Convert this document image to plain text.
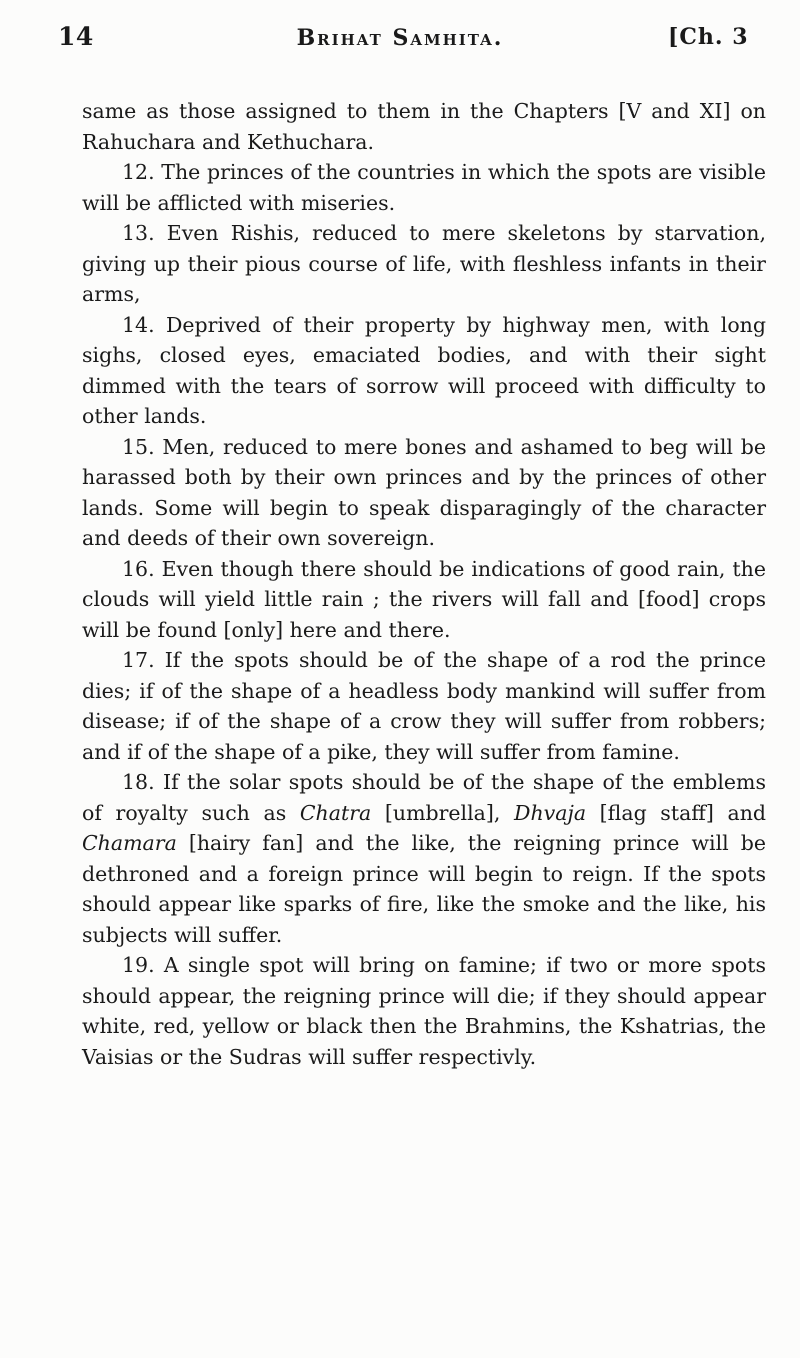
14	Brihat Samhita.	[Ch. 3

same as those assigned to them in the Chapters [V and XI] on Rahuchara and Kethuchara.

12. The princes of the countries in which the spots are visible will be afflicted with miseries.

13. Even Rishis, reduced to mere skeletons by starvation, giving up their pious course of life, with fleshless infants in their arms,

14. Deprived of their property by highway men, with long sighs, closed eyes, emaciated bodies, and with their sight dimmed with the tears of sorrow will proceed with difficulty to other lands.

15. Men, reduced to mere bones and ashamed to beg will be harassed both by their own princes and by the princes of other lands. Some will begin to speak disparagingly of the character and deeds of their own sovereign.

16. Even though there should be indications of good rain, the clouds will yield little rain ; the rivers will fall and [food] crops will be found [only] here and there.

17. If the spots should be of the shape of a rod the prince dies; if of the shape of a headless body mankind will suffer from disease; if of the shape of a crow they will suffer from robbers; and if of the shape of a pike, they will suffer from famine.

18. If the solar spots should be of the shape of the emblems of royalty such as Chatra [umbrella], Dhvaja [flag staff] and Chamara [hairy fan] and the like, the reigning prince will be dethroned and a foreign prince will begin to reign. If the spots should appear like sparks of fire, like the smoke and the like, his subjects will suffer.

19. A single spot will bring on famine; if two or more spots should appear, the reigning prince will die; if they should appear white, red, yellow or black then the Brahmins, the Kshatrias, the Vaisias or the Sudras will suffer respectivly.
